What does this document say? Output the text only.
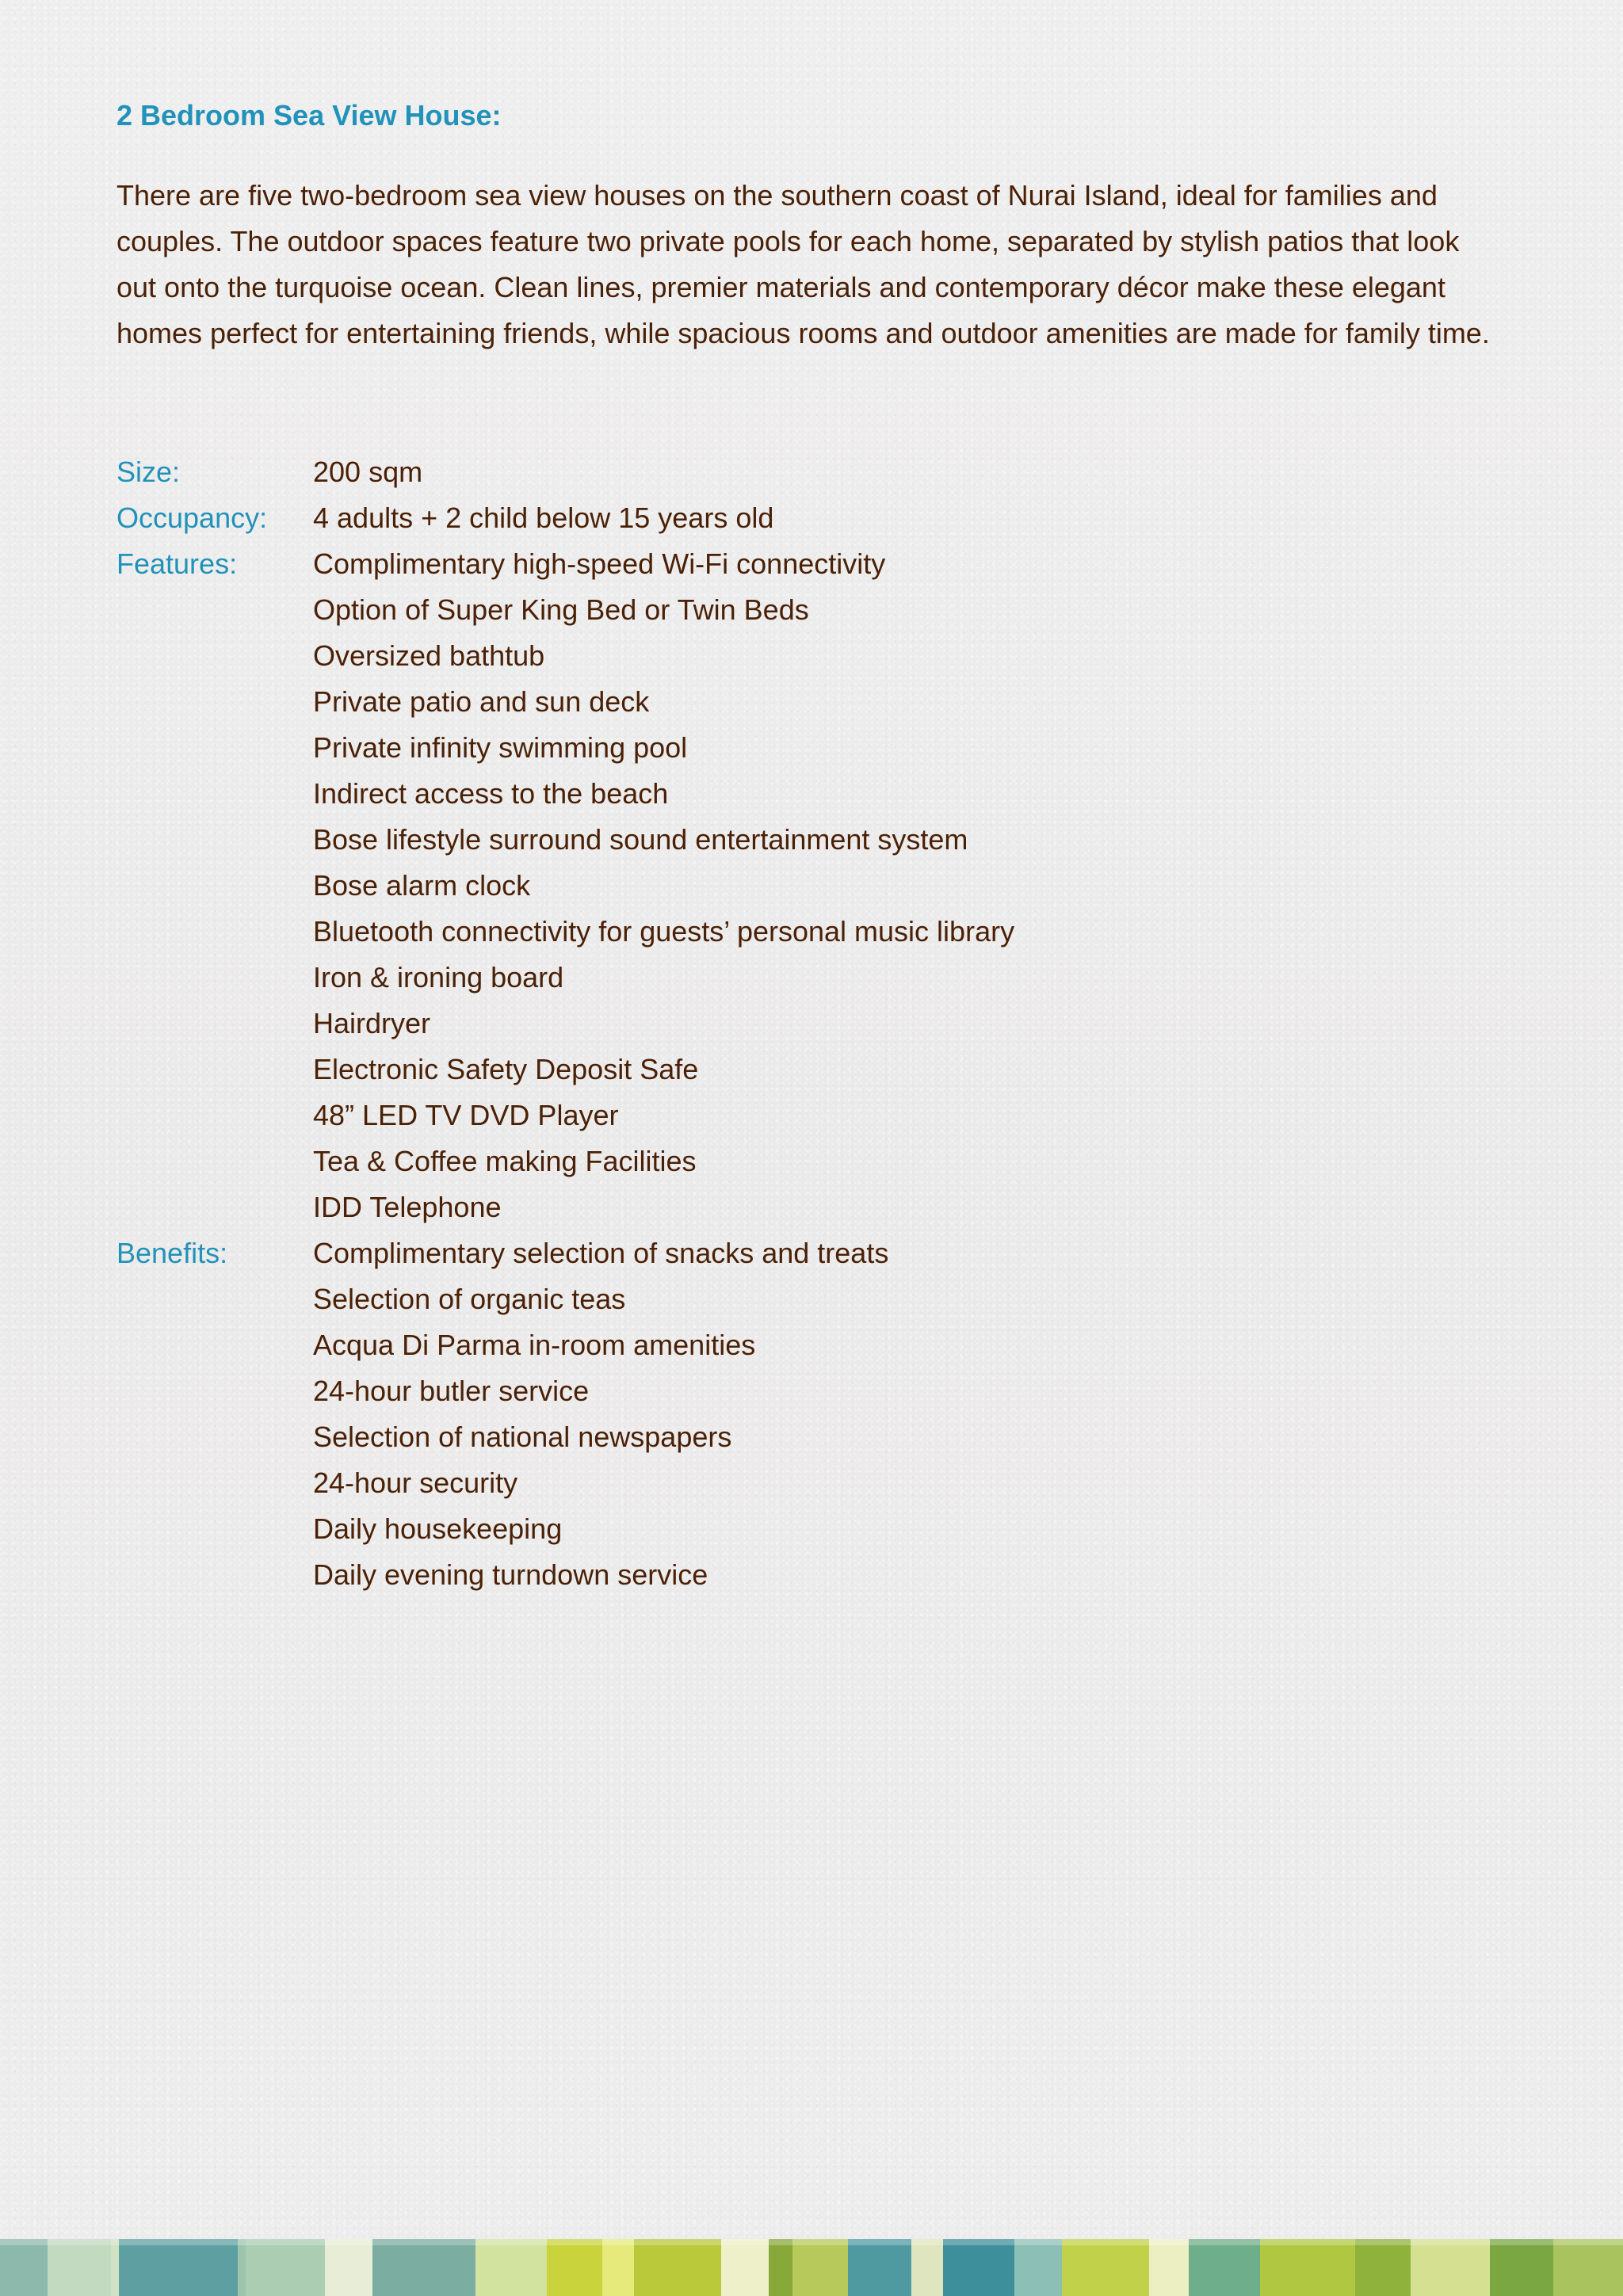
2 Bedroom Sea View House:

There are five two-bedroom sea view houses on the southern coast of Nurai Island, ideal for families and couples. The outdoor spaces feature two private pools for each home, separated by stylish patios that look out onto the turquoise ocean. Clean lines, premier materials and contemporary décor make these elegant homes perfect for entertaining friends, while spacious rooms and outdoor amenities are made for family time.

Size:	200 sqm
Occupancy:	4 adults + 2 child below 15 years old
Features:	Complimentary high-speed Wi-Fi connectivity
Option of Super King Bed or Twin Beds
Oversized bathtub
Private patio and sun deck
Private infinity swimming pool
Indirect access to the beach
Bose lifestyle surround sound entertainment system
Bose alarm clock
Bluetooth connectivity for guests’ personal music library
Iron & ironing board
Hairdryer
Electronic Safety Deposit Safe
48” LED TV DVD Player
Tea & Coffee making Facilities
IDD Telephone
Benefits:	Complimentary selection of snacks and treats
Selection of organic teas
Acqua Di Parma in-room amenities
24-hour butler service
Selection of national newspapers
24-hour security
Daily housekeeping
Daily evening turndown service
